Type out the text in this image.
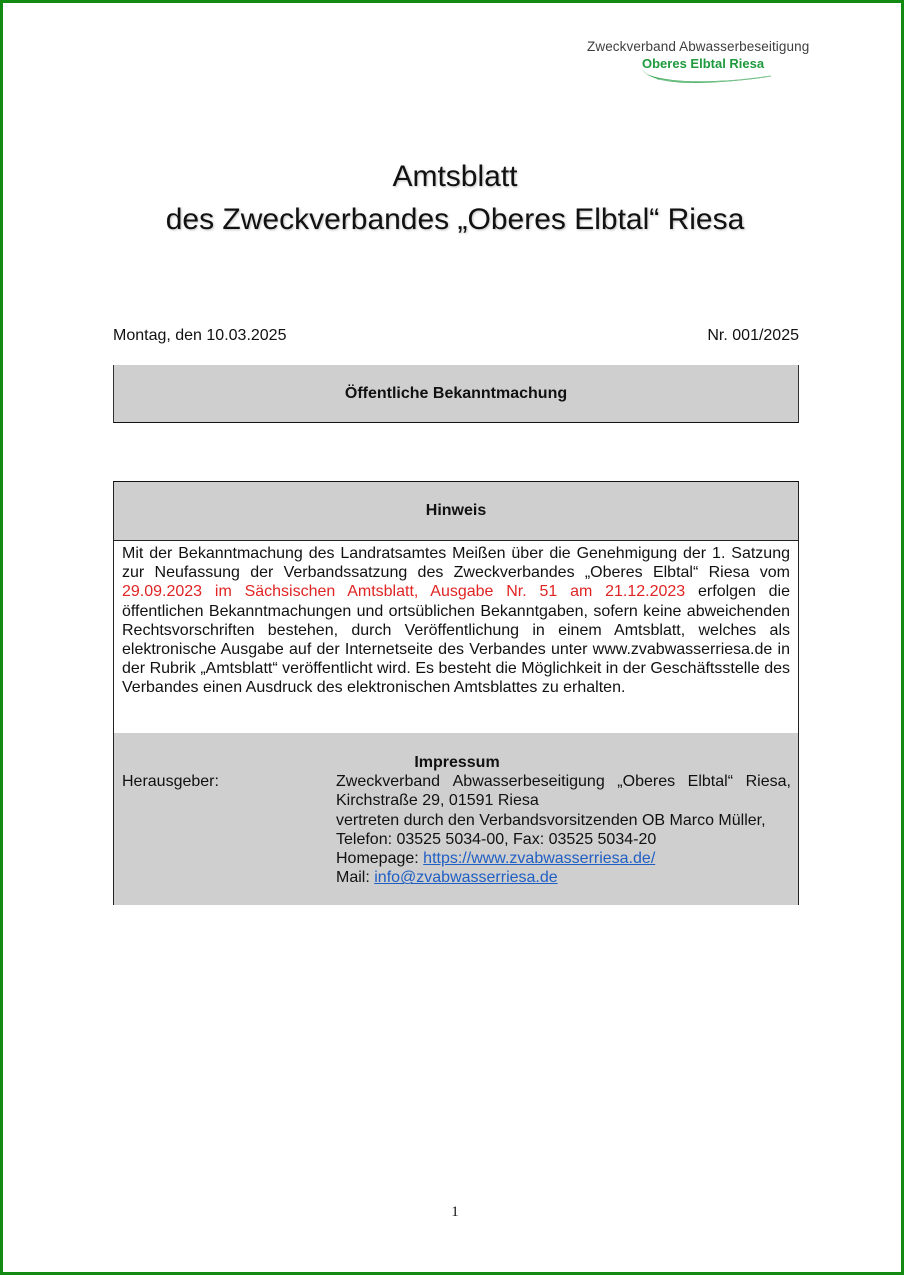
Zweckverband Abwasserbeseitigung
Oberes Elbtal Riesa
Amtsblatt
des Zweckverbandes „Oberes Elbtal“ Riesa
Montag, den 10.03.2025	Nr. 001/2025
Öffentliche Bekanntmachung
Hinweis
Mit der Bekanntmachung des Landratsamtes Meißen über die Genehmigung der 1. Satzung zur Neufassung der Verbandssatzung des Zweckverbandes „Oberes Elbtal“ Riesa vom 29.09.2023 im Sächsischen Amtsblatt, Ausgabe Nr. 51 am 21.12.2023 erfolgen die öffentlichen Bekanntmachungen und ortsüblichen Bekanntgaben, sofern keine abweichenden Rechtsvorschriften bestehen, durch Veröffentlichung in einem Amtsblatt, welches als elektronische Ausgabe auf der Internetseite des Verbandes unter www.zvabwasserriesa.de in der Rubrik „Amtsblatt“ veröffentlicht wird. Es besteht die Möglichkeit in der Geschäftsstelle des Verbandes einen Ausdruck des elektronischen Amtsblattes zu erhalten.
Impressum
Herausgeber:	Zweckverband Abwasserbeseitigung „Oberes Elbtal“ Riesa,
Kirchstraße 29, 01591 Riesa
vertreten durch den Verbandsvorsitzenden OB Marco Müller,
Telefon: 03525 5034-00, Fax: 03525 5034-20
Homepage: https://www.zvabwasserriesa.de/
Mail: info@zvabwasserriesa.de
1
